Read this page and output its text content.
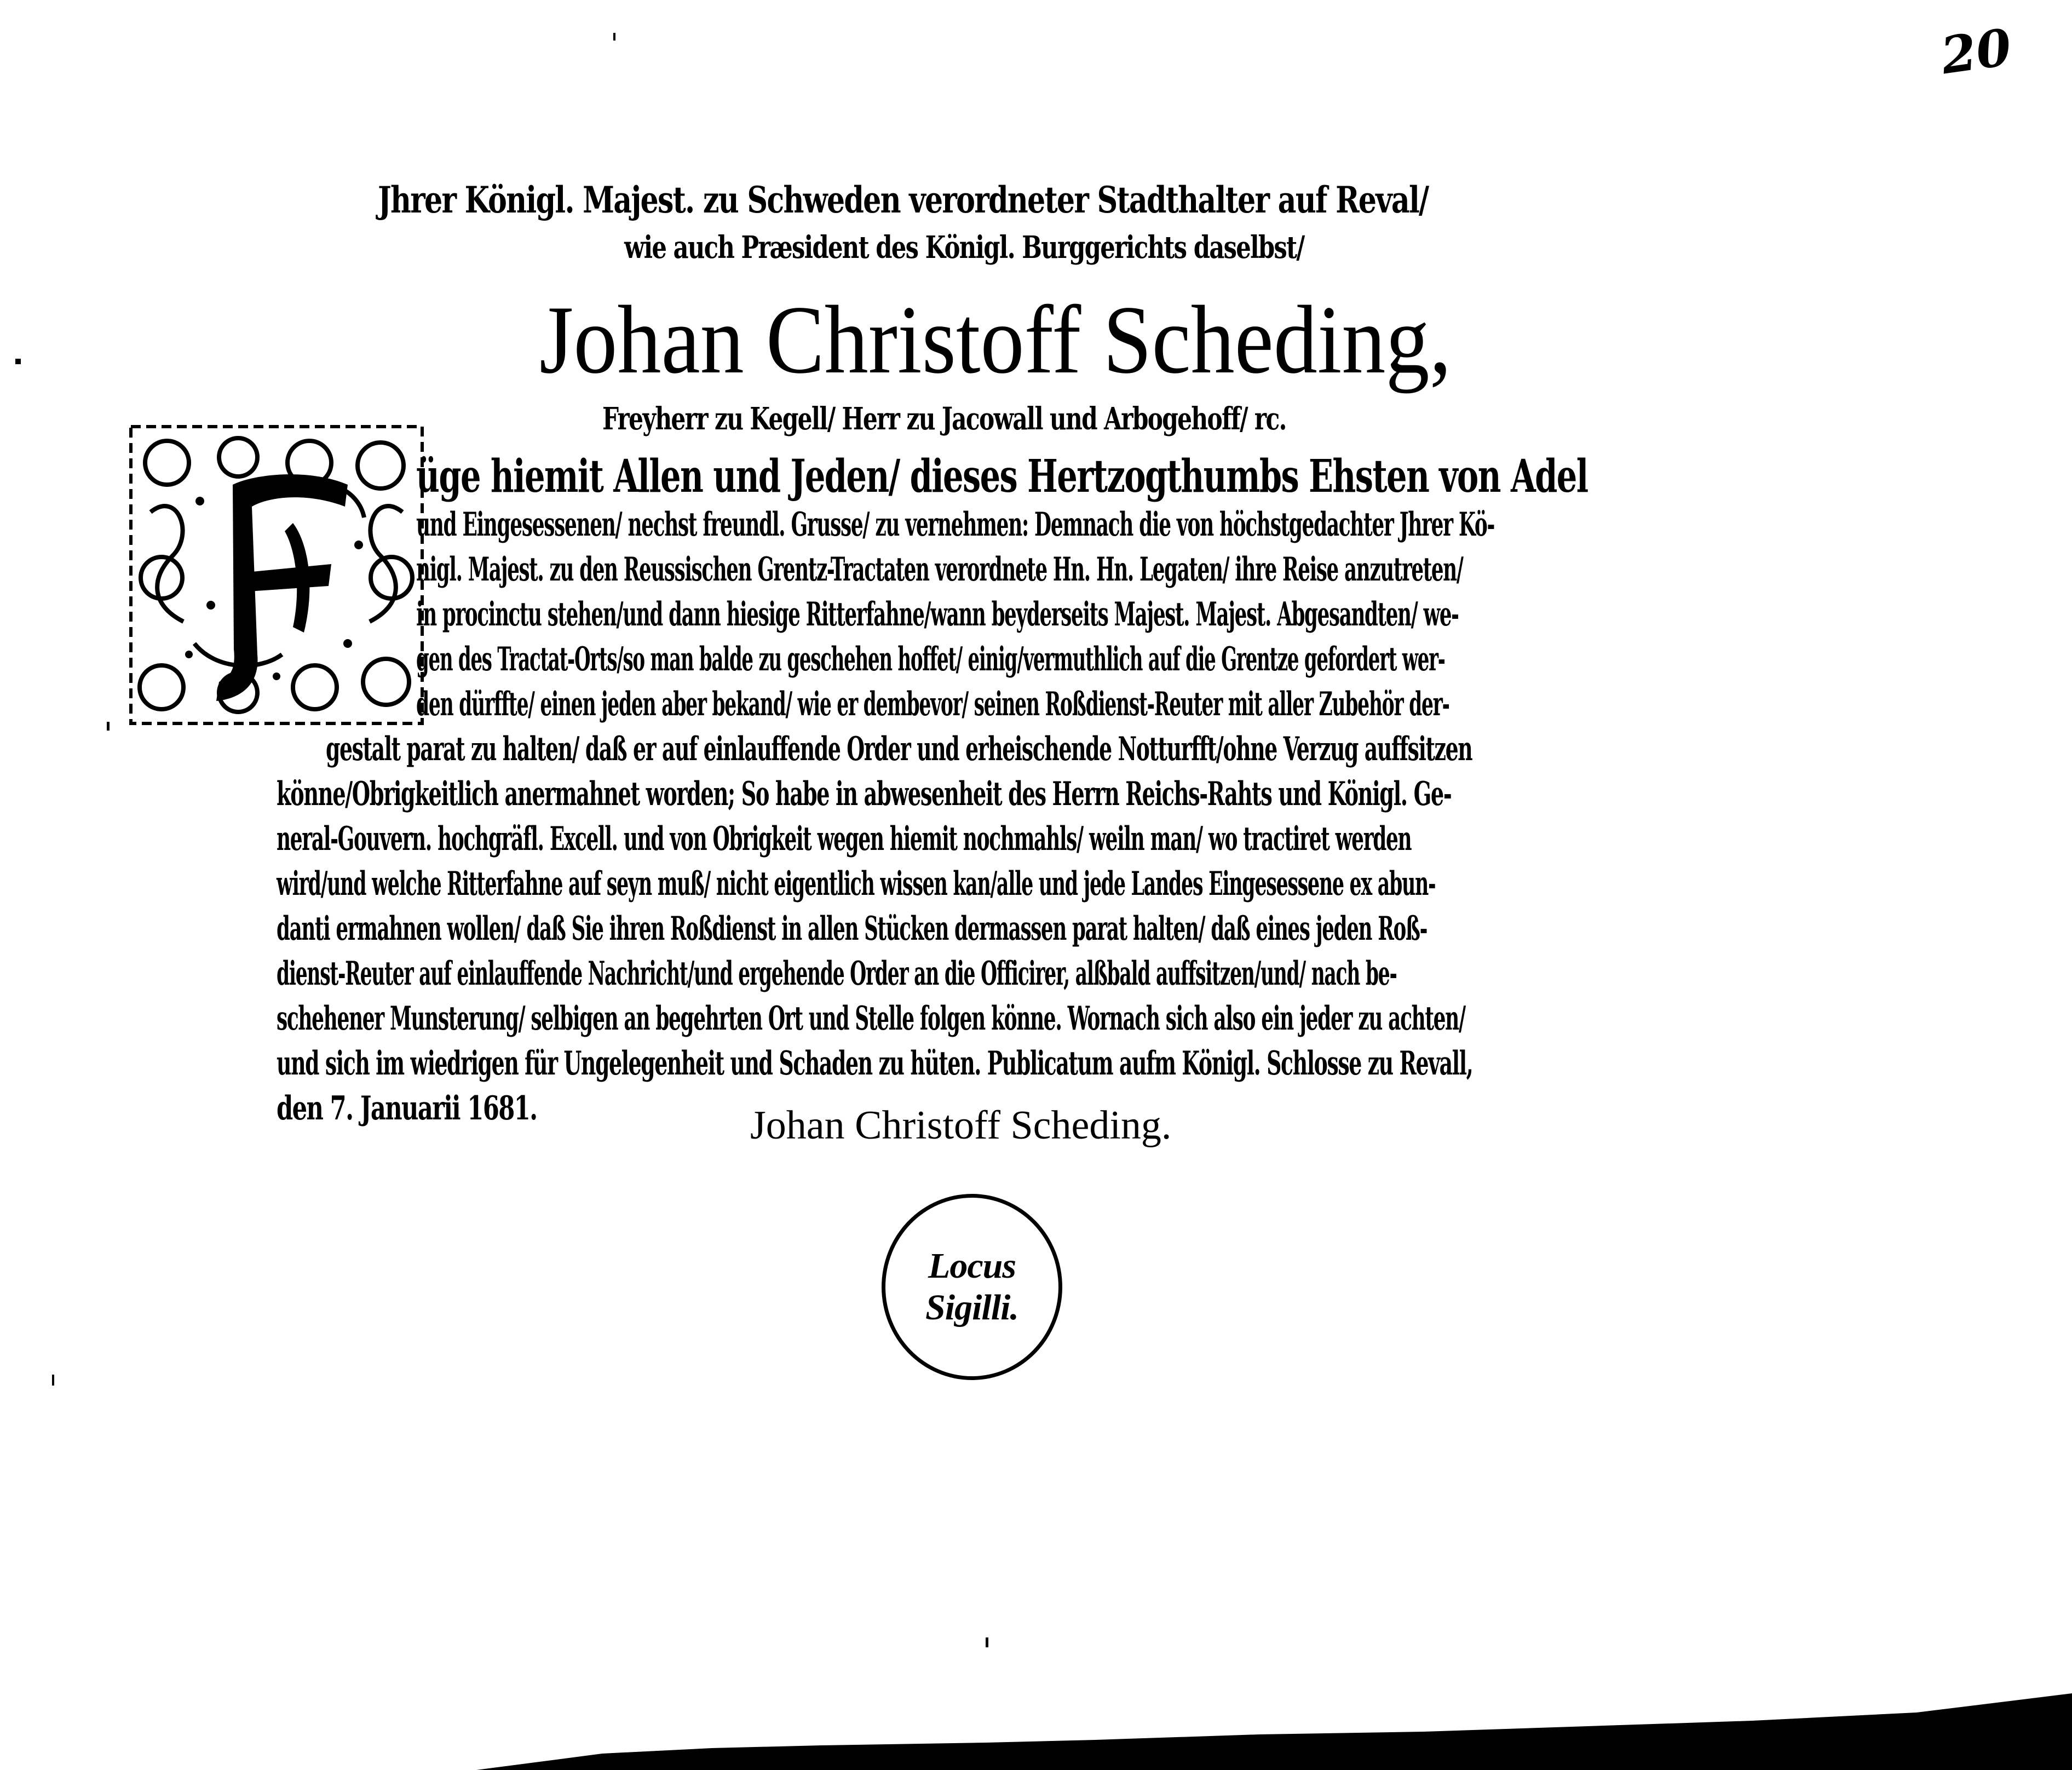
20
Jhrer Königl. Majest. zu Schweden verordneter Stadthalter auf Reval/
wie auch Præsident des Königl. Burggerichts daselbst/
Johan Christoff Scheding,
Freyherr zu Kegell/ Herr zu Jacowall und Arbogehoff/ rc.
üge hiemit Allen und Jeden/ dieses Hertzogthumbs Ehsten von Adel
und Eingesessenen/ nechst freundl. Grusse/ zu vernehmen: Demnach die von höchstgedachter Jhrer Kö-
nigl. Majest. zu den Reussischen Grentz-Tractaten verordnete Hn. Hn. Legaten/ ihre Reise anzutreten/
in procinctu stehen/und dann hiesige Ritterfahne/wann beyderseits Majest. Majest. Abgesandten/ we-
gen des Tractat-Orts/so man balde zu geschehen hoffet/ einig/vermuthlich auf die Grentze gefordert wer-
den dürffte/ einen jeden aber bekand/ wie er dembevor/ seinen Roßdienst-Reuter mit aller Zubehör der-
gestalt parat zu halten/ daß er auf einlauffende Order und erheischende Notturfft/ohne Verzug auffsitzen
könne/Obrigkeitlich anermahnet worden; So habe in abwesenheit des Herrn Reichs-Rahts und Königl. Ge-
neral-Gouvern. hochgräfl. Excell. und von Obrigkeit wegen hiemit nochmahls/ weiln man/ wo tractiret werden
wird/und welche Ritterfahne auf seyn muß/ nicht eigentlich wissen kan/alle und jede Landes Eingesessene ex abun-
danti ermahnen wollen/ daß Sie ihren Roßdienst in allen Stücken dermassen parat halten/ daß eines jeden Roß-
dienst-Reuter auf einlauffende Nachricht/und ergehende Order an die Officirer, alßbald auffsitzen/und/ nach be-
schehener Munsterung/ selbigen an begehrten Ort und Stelle folgen könne. Wornach sich also ein jeder zu achten/
und sich im wiedrigen für Ungelegenheit und Schaden zu hüten. Publicatum aufm Königl. Schlosse zu Revall,
den 7. Januarii 1681.	Johan Christoff Scheding.
Locus
Sigilli.
